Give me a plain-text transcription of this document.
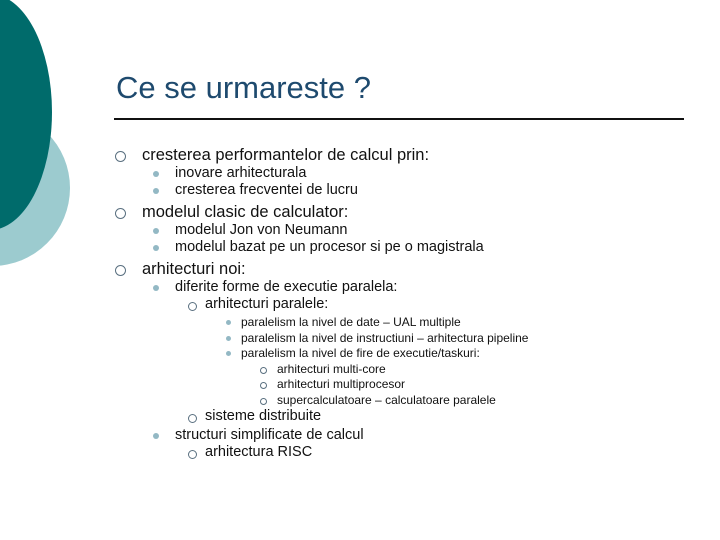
Ce se urmareste ?
cresterea performantelor de calcul prin:
inovare arhitecturala
cresterea frecventei de lucru
modelul clasic de calculator:
modelul Jon von Neumann
modelul bazat pe un procesor si pe o magistrala
arhitecturi noi:
diferite forme de executie paralela:
arhitecturi paralele:
paralelism la nivel de date – UAL multiple
paralelism la nivel de instructiuni – arhitectura pipeline
paralelism la nivel de fire de executie/taskuri:
arhitecturi multi-core
arhitecturi multiprocesor
supercalculatoare – calculatoare paralele
sisteme distribuite
structuri simplificate de calcul
arhitectura RISC
